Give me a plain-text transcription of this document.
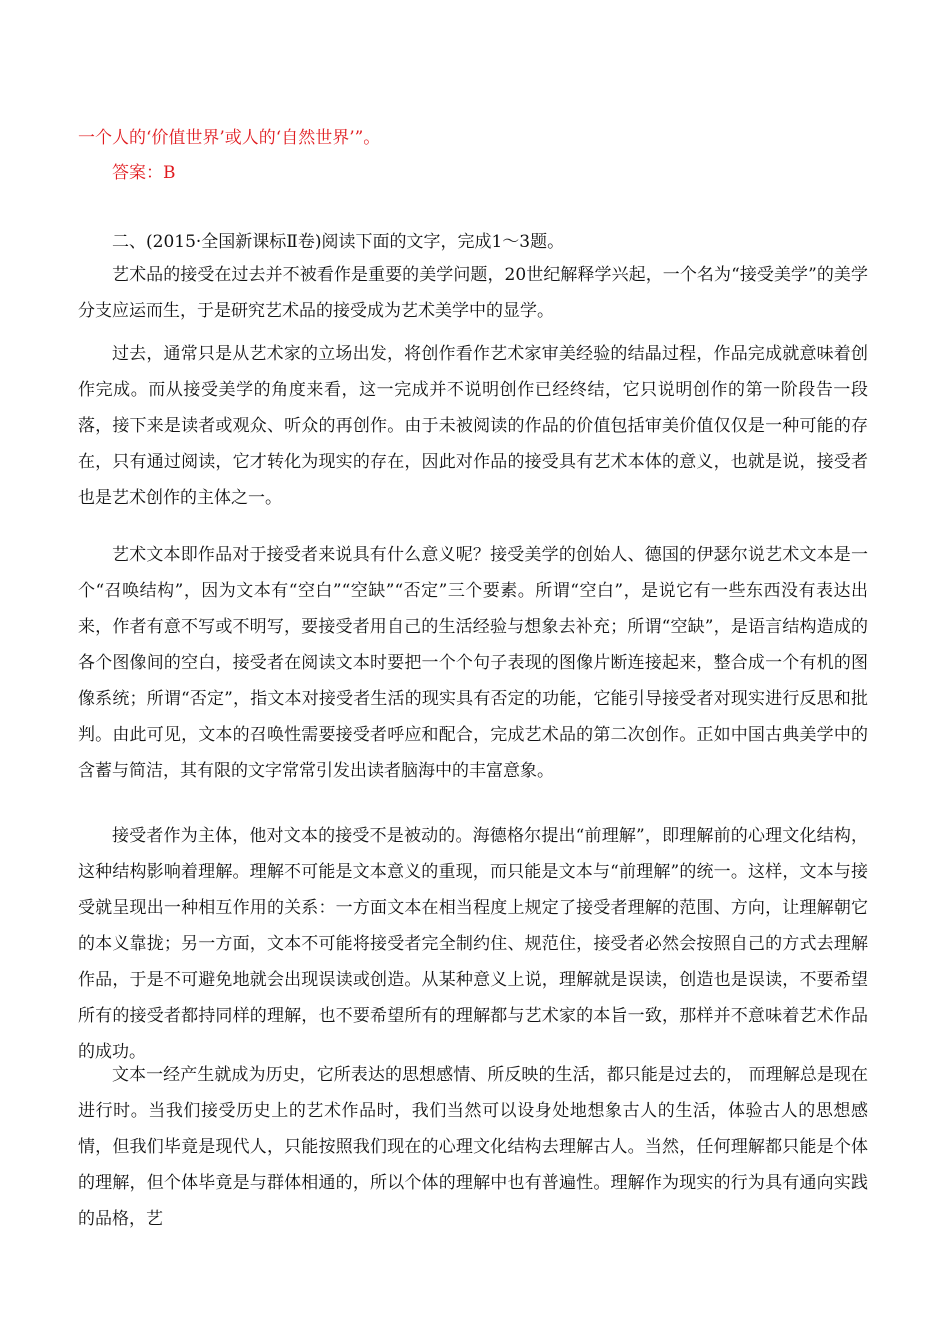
一个人的‘价值世界’或人的‘自然世界’”。
答案：B
二、(2015·全国新课标Ⅱ卷)阅读下面的文字，完成1～3题。

艺术品的接受在过去并不被看作是重要的美学问题，20世纪解释学兴起，一个名为“接受美学”的美学分支应运而生，于是研究艺术品的接受成为艺术美学中的显学。

过去，通常只是从艺术家的立场出发，将创作看作艺术家审美经验的结晶过程，作品完成就意味着创作完成。而从接受美学的角度来看，这一完成并不说明创作已经终结，它只说明创作的第一阶段告一段落，接下来是读者或观众、听众的再创作。由于未被阅读的作品的价值包括审美价值仅仅是一种可能的存在，只有通过阅读，它才转化为现实的存在，因此对作品的接受具有艺术本体的意义，也就是说，接受者也是艺术创作的主体之一。

艺术文本即作品对于接受者来说具有什么意义呢？接受美学的创始人、德国的伊瑟尔说艺术文本是一个“召唤结构”，因为文本有“空白”“空缺”“否定”三个要素。所谓“空白”，是说它有一些东西没有表达出来，作者有意不写或不明写，要接受者用自己的生活经验与想象去补充；所谓“空缺”，是语言结构造成的各个图像间的空白，接受者在阅读文本时要把一个个句子表现的图像片断连接起来，整合成一个有机的图像系统；所谓“否定”，指文本对接受者生活的现实具有否定的功能，它能引导接受者对现实进行反思和批判。由此可见，文本的召唤性需要接受者呼应和配合，完成艺术品的第二次创作。正如中国古典美学中的含蓄与简洁，其有限的文字常常引发出读者脑海中的丰富意象。

接受者作为主体，他对文本的接受不是被动的。海德格尔提出“前理解”，即理解前的心理文化结构，这种结构影响着理解。理解不可能是文本意义的重现，而只能是文本与“前理解”的统一。这样，文本与接受就呈现出一种相互作用的关系：一方面文本在相当程度上规定了接受者理解的范围、方向，让理解朝它的本义靠拢；另一方面，文本不可能将接受者完全制约住、规范住，接受者必然会按照自己的方式去理解作品，于是不可避免地就会出现误读或创造。从某种意义上说，理解就是误读，创造也是误读，不要希望所有的接受者都持同样的理解，也不要希望所有的理解都与艺术家的本旨一致，那样并不意味着艺术作品的成功。

文本一经产生就成为历史，它所表达的思想感情、所反映的生活，都只能是过去的， 而理解总是现在进行时。当我们接受历史上的艺术作品时，我们当然可以设身处地想象古人的生活，体验古人的思想感情，但我们毕竟是现代人，只能按照我们现在的心理文化结构去理解古人。当然，任何理解都只能是个体的理解，但个体毕竟是与群体相通的，所以个体的理解中也有普遍性。理解作为现实的行为具有通向实践的品格，艺
